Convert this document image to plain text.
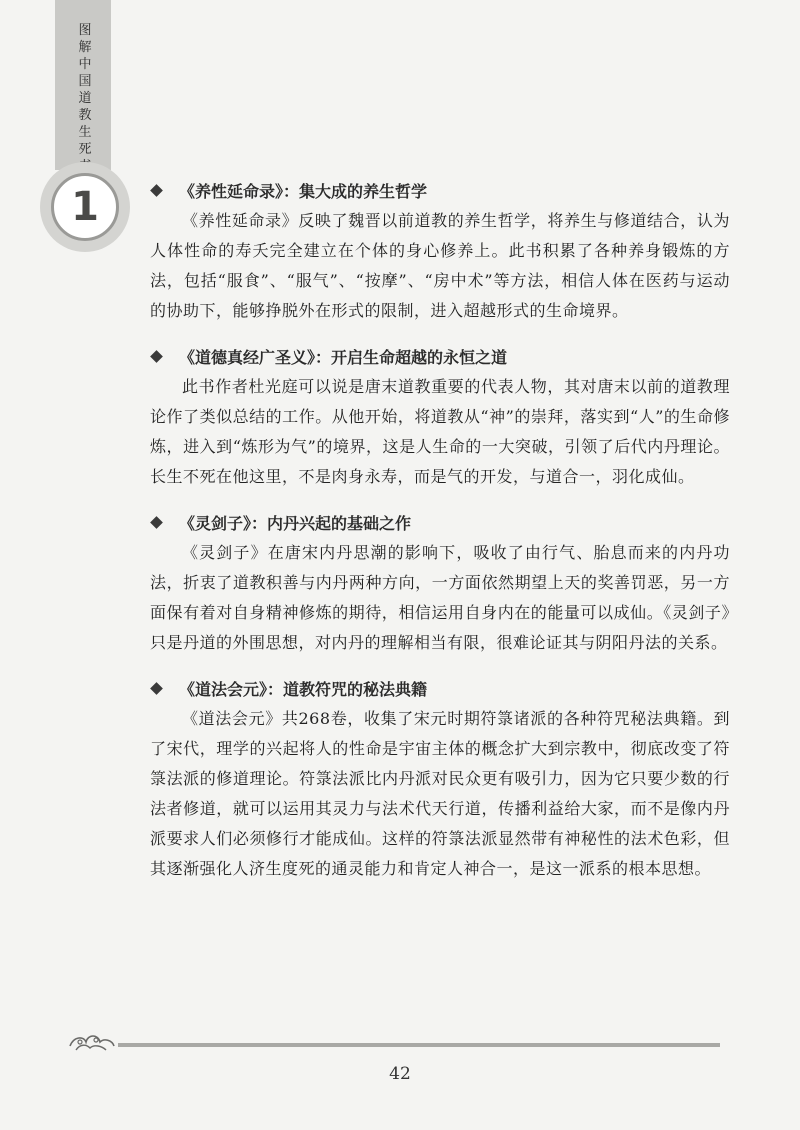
图解中国道教生死
1	《养性延命录》：集大成的养生哲学

《养性延命录》反映了魏晋以前道教的养生哲学，将养生与修道结合，认为人体性命的寿夭完全建立在个体的身心修养上。此书积累了各种养身锻炼的方法，包括“服食”、“服气”、“按摩”、“房中术”等方法，相信人体在医药与运动的协助下，能够挣脱外在形式的限制，进入超越形式的生命境界。

《道德真经广圣义》：开启生命超越的永恒之道

此书作者杜光庭可以说是唐末道教重要的代表人物，其对唐末以前的道教理论作了类似总结的工作。从他开始，将道教从“神”的崇拜，落实到“人”的生命修炼，进入到“炼形为气”的境界，这是人生命的一大突破，引领了后代内丹理论。长生不死在他这里，不是肉身永寿，而是气的开发，与道合一，羽化成仙。

《灵剑子》：内丹兴起的基础之作

《灵剑子》在唐宋内丹思潮的影响下，吸收了由行气、胎息而来的内丹功法，折衷了道教积善与内丹两种方向，一方面依然期望上天的奖善罚恶，另一方面保有着对自身精神修炼的期待，相信运用自身内在的能量可以成仙。《灵剑子》只是丹道的外围思想，对内丹的理解相当有限，很难论证其与阴阳丹法的关系。

《道法会元》：道教符咒的秘法典籍

《道法会元》共268卷，收集了宋元时期符箓诸派的各种符咒秘法典籍。到了宋代，理学的兴起将人的性命是宇宙主体的概念扩大到宗教中，彻底改变了符箓法派的修道理论。符箓法派比内丹派对民众更有吸引力，因为它只要少数的行法者修道，就可以运用其灵力与法术代天行道，传播利益给大家，而不是像内丹派要求人们必须修行才能成仙。这样的符箓法派显然带有神秘性的法术色彩，但其逐渐强化人济生度死的通灵能力和肯定人神合一，是这一派系的根本思想。

42
